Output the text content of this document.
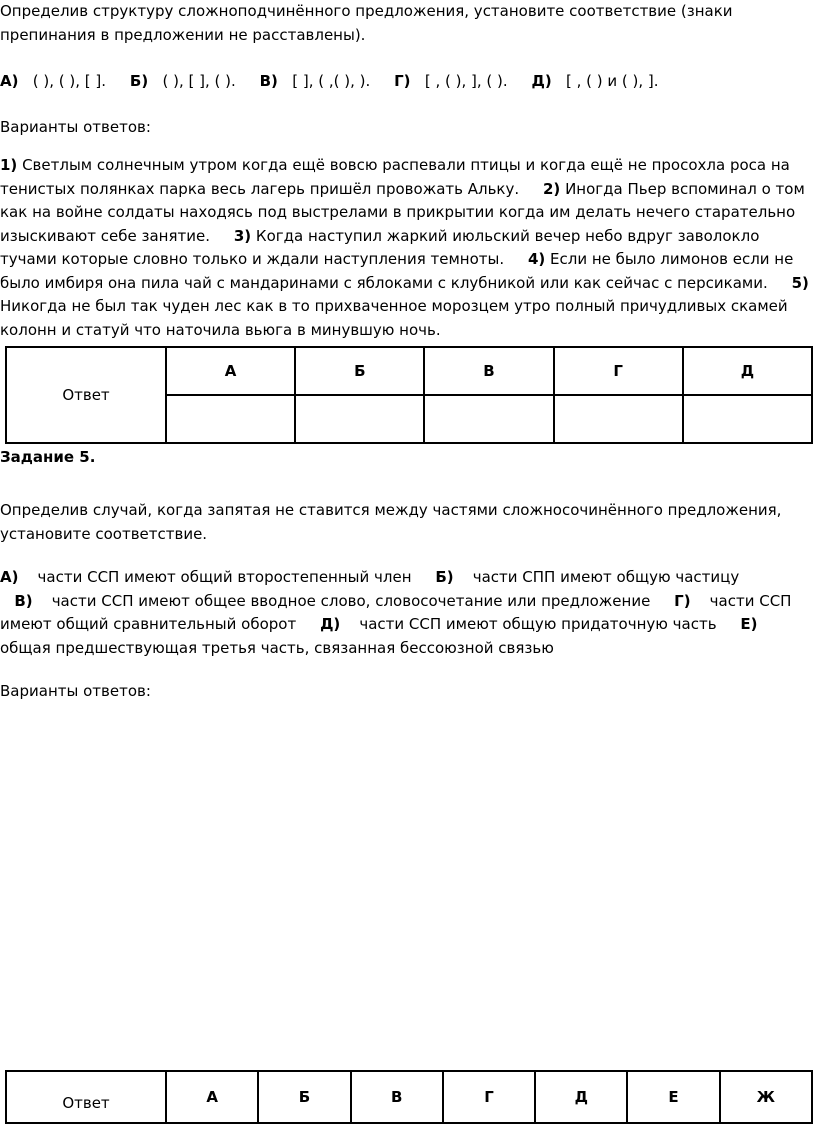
Определив структуру сложноподчинённого предложения, установите соответствие (знаки препинания в предложении не расставлены).

А) ( ), ( ), [ ]. Б) ( ), [ ], ( ). В) [ ], ( ,( ), ). Г) [ , ( ), ], ( ). Д) [ , ( ) и ( ), ].

Варианты ответов:

1) Светлым солнечным утром когда ещё вовсю распевали птицы и когда ещё не просохла роса на тенистых полянках парка весь лагерь пришёл провожать Альку. 2) Иногда Пьер вспоминал о том как на войне солдаты находясь под выстрелами в прикрытии когда им делать нечего старательно изыскивают себе занятие. 3) Когда наступил жаркий июльский вечер небо вдруг заволокло тучами которые словно только и ждали наступления темноты. 4) Если не было лимонов если не было имбиря она пила чай с мандаринами с яблоками с клубникой или как сейчас с персиками. 5) Никогда не был так чуден лес как в то прихваченное морозцем утро полный причудливых скамей колонн и статуй что наточила вьюга в минувшую ночь.

Ответ	А	Б	В	Г	Д

Задание 5.

Определив случай, когда запятая не ставится между частями сложносочинённого предложения, установите соответствие.

А) части ССП имеют общий второстепенный член Б) части СПП имеют общую частицу
В) части ССП имеют общее вводное слово, словосочетание или предложение Г) части ССП имеют общий сравнительный оборот Д) части ССП имеют общую придаточную часть Е)    общая предшествующая третья часть, связанная бессоюзной связью

Варианты ответов:

Ответ	А	Б	В	Г	Д	Е	Ж
